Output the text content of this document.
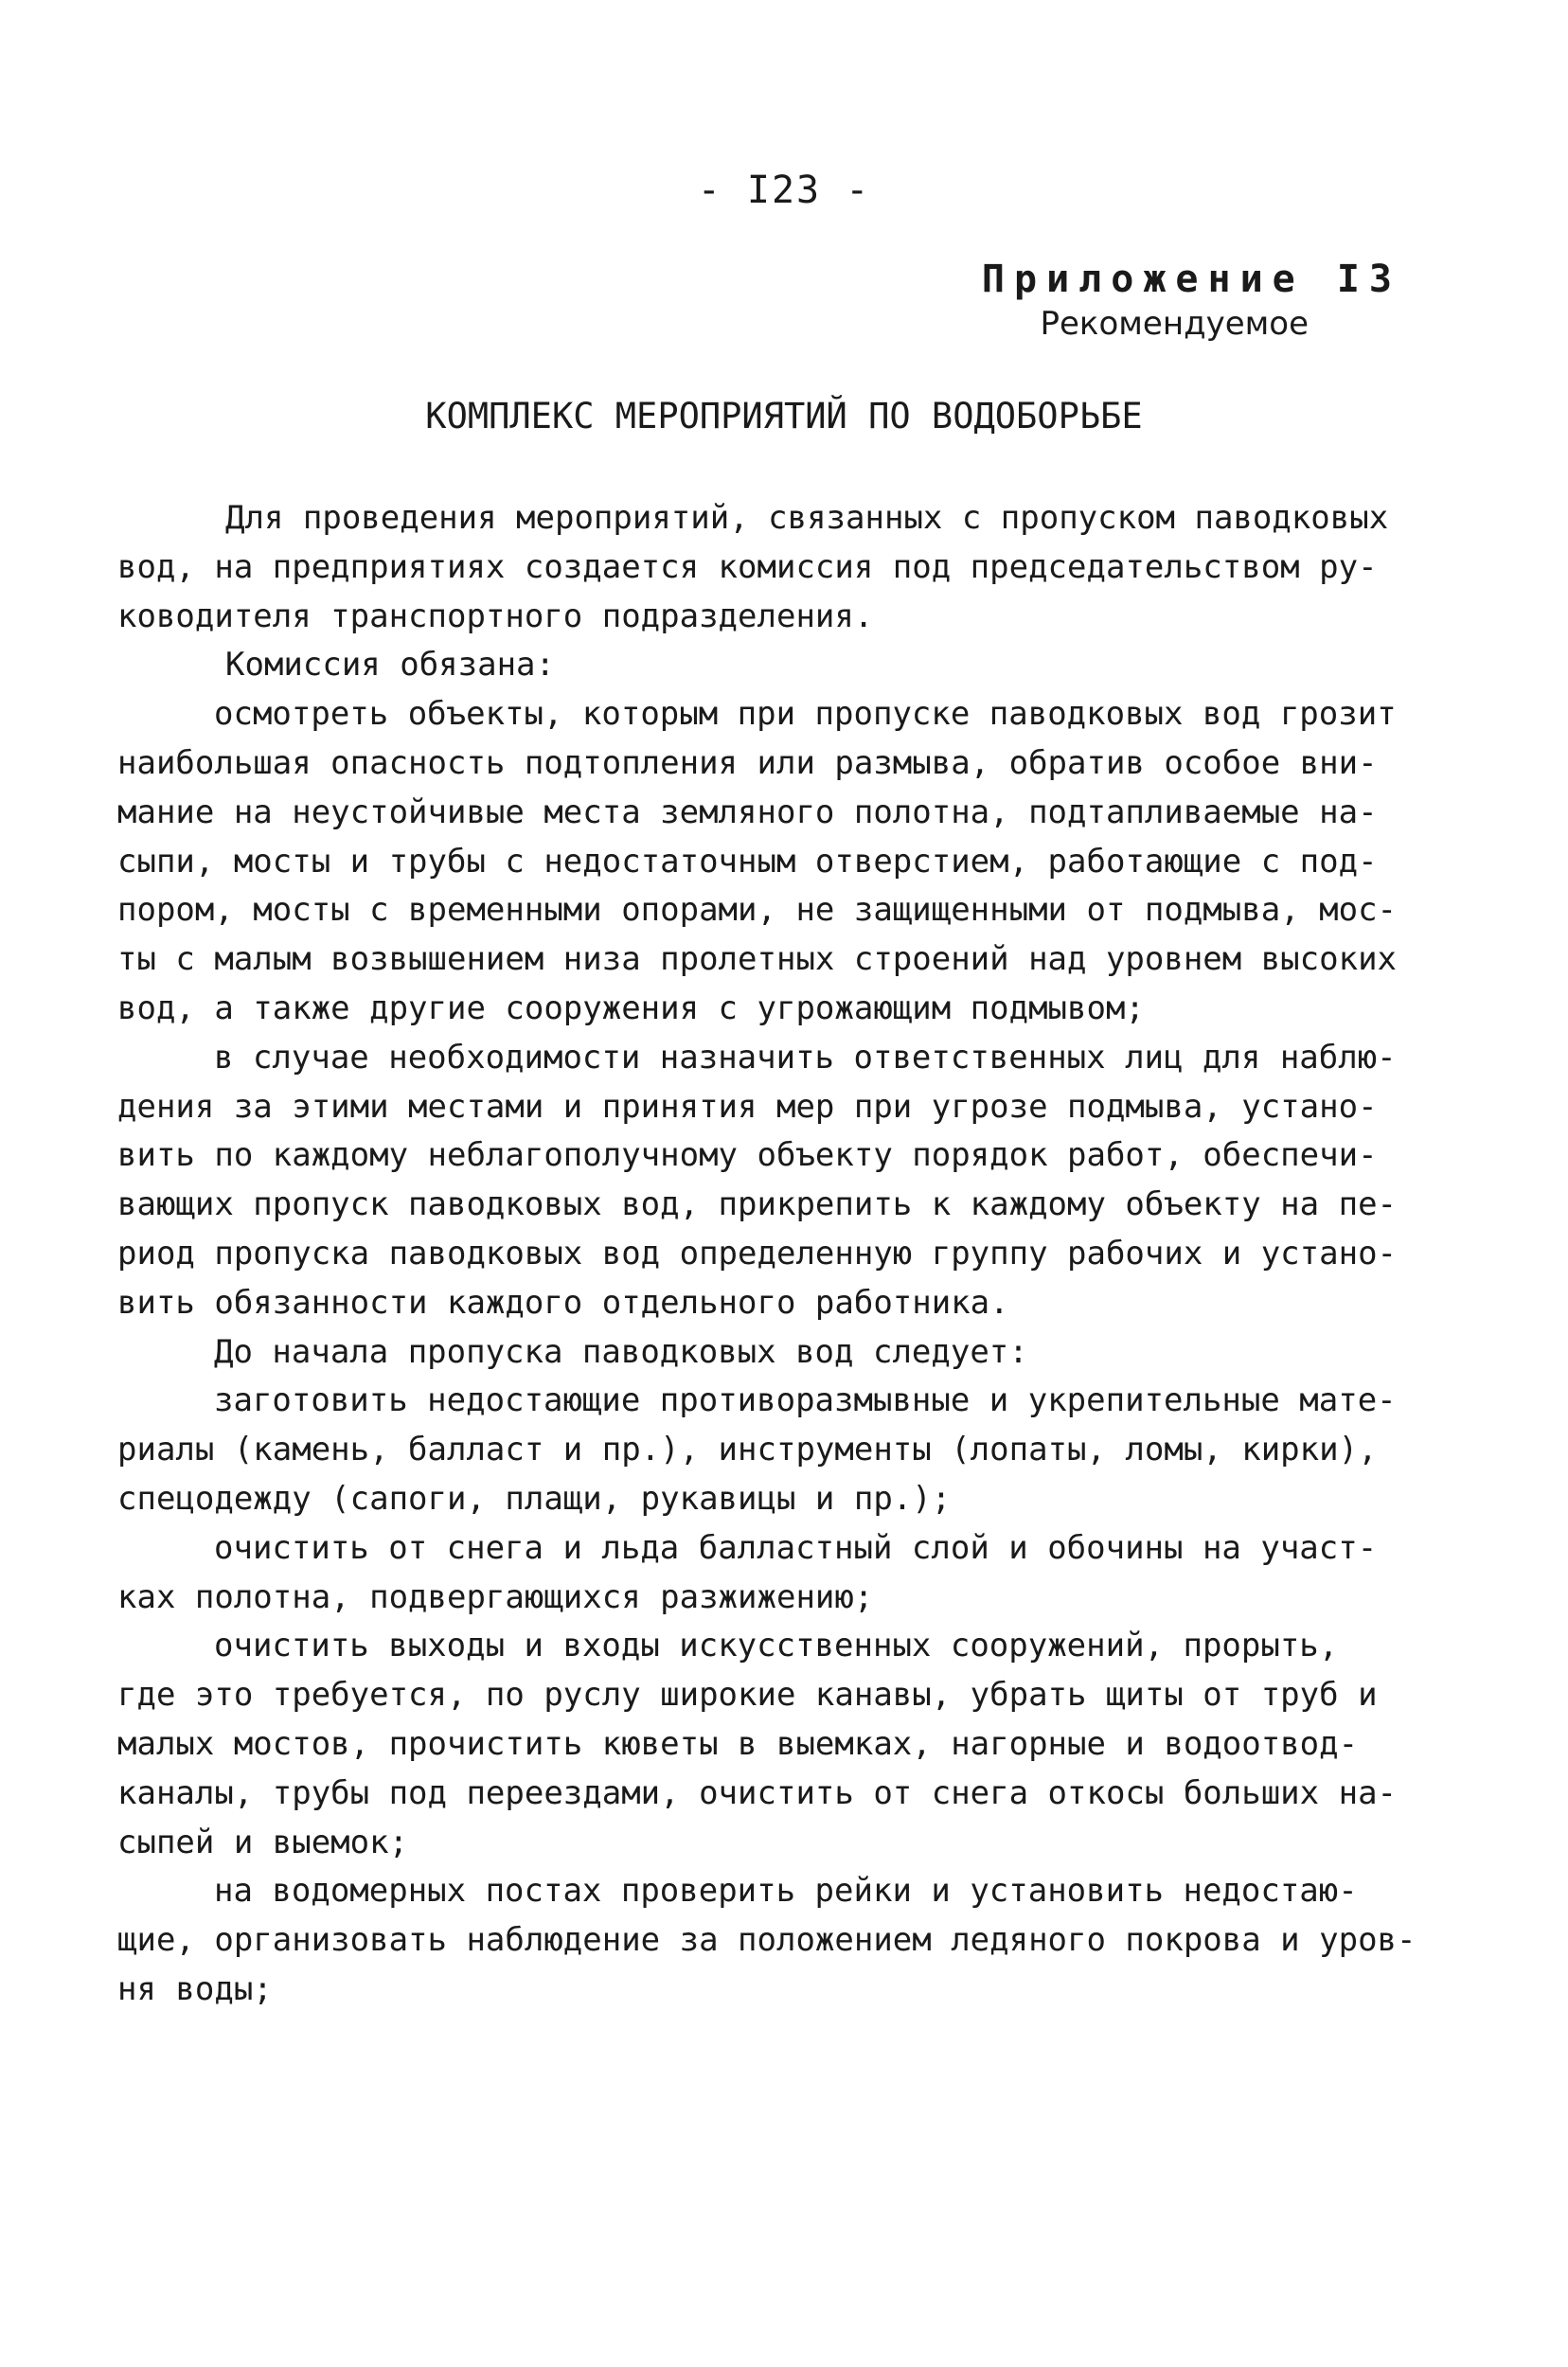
- I23 -
Приложение I3
Рекомендуемое
КОМПЛЕКС МЕРОПРИЯТИЙ ПО ВОДОБОРЬБЕ
Для проведения мероприятий, связанных с пропуском паводковых
вод, на предприятиях создается комиссия под председательством ру-
ководителя транспортного подразделения.
Комиссия обязана:
осмотреть объекты, которым при пропуске паводковых вод грозит
наибольшая опасность подтопления или размыва, обратив особое вни-
мание на неустойчивые места земляного полотна, подтапливаемые на-
сыпи, мосты и трубы с недостаточным отверстием, работающие с под-
пором, мосты с временными опорами, не защищенными от подмыва, мос-
ты с малым возвышением низа пролетных строений над уровнем высоких
вод, а также другие сооружения с угрожающим подмывом;
в случае необходимости назначить ответственных лиц для наблю-
дения за этими местами и принятия мер при угрозе подмыва, устано-
вить по каждому неблагополучному объекту порядок работ, обеспечи-
вающих пропуск паводковых вод, прикрепить к каждому объекту на пе-
риод пропуска паводковых вод определенную группу рабочих и устано-
вить обязанности каждого отдельного работника.
До начала пропуска паводковых вод следует:
заготовить недостающие противоразмывные и укрепительные мате-
риалы (камень, балласт и пр.), инструменты (лопаты, ломы, кирки),
спецодежду (сапоги, плащи, рукавицы и пр.);
очистить от снега и льда балластный слой и обочины на участ-
ках полотна, подвергающихся разжижению;
очистить выходы и входы искусственных сооружений, прорыть,
где это требуется, по руслу широкие канавы, убрать щиты от труб и
малых мостов, прочистить кюветы в выемках, нагорные и водоотвод-
каналы, трубы под переездами, очистить от снега откосы больших на-
сыпей и выемок;
на водомерных постах проверить рейки и установить недостаю-
щие, организовать наблюдение за положением ледяного покрова и уров-
ня воды;
